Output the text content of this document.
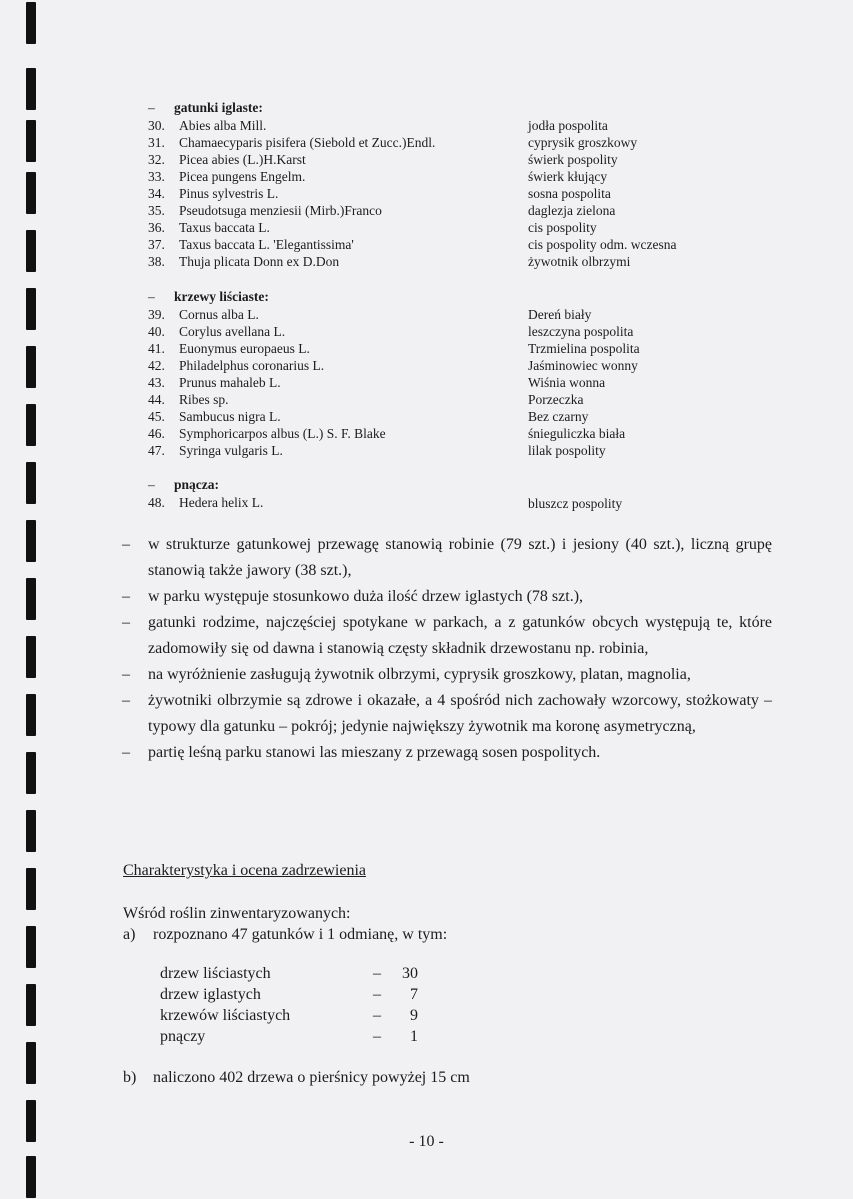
– gatunki iglaste:
30.	Abies alba Mill.	jodła pospolita
31.	Chamaecyparis pisifera (Siebold et Zucc.)Endl.	cyprysik groszkowy
32.	Picea abies (L.)H.Karst	świerk pospolity
33.	Picea pungens Engelm.	świerk kłujący
34.	Pinus sylvestris L.	sosna pospolita
35.	Pseudotsuga menziesii (Mirb.)Franco	daglezja zielona
36.	Taxus baccata L.	cis pospolity
37.	Taxus baccata L. 'Elegantissima'	cis pospolity odm. wczesna
38.	Thuja plicata Donn ex D.Don	żywotnik olbrzymi
– krzewy liściaste:
39.	Cornus alba L.	Dereń biały
40.	Corylus avellana L.	leszczyna pospolita
41.	Euonymus europaeus L.	Trzmielina pospolita
42.	Philadelphus coronarius L.	Jaśminowiec wonny
43.	Prunus mahaleb L.	Wiśnia wonna
44.	Ribes sp.	Porzeczka
45.	Sambucus nigra L.	Bez czarny
46.	Symphoricarpos albus (L.) S. F. Blake	śnieguliczka biała
47.	Syringa vulgaris L.	lilak pospolity
– pnącza:
48.	Hedera helix L.	bluszcz pospolity
– w strukturze gatunkowej przewagę stanowią robinie (79 szt.) i jesiony (40 szt.), liczną grupę stanowią także jawory (38 szt.),
– w parku występuje stosunkowo duża ilość drzew iglastych (78 szt.),
– gatunki rodzime, najczęściej spotykane w parkach, a z gatunków obcych występują te, które zadomowiły się od dawna i stanowią częsty składnik drzewostanu np. robinia,
– na wyróżnienie zasługują żywotnik olbrzymi, cyprysik groszkowy, platan, magnolia,
– żywotniki olbrzymie są zdrowe i okazałe, a 4 spośród nich zachowały wzorcowy, stożkowaty – typowy dla gatunku – pokrój; jedynie największy żywotnik ma koronę asymetryczną,
– partię leśną parku stanowi las mieszany z przewagą sosen pospolitych.
Charakterystyka i ocena zadrzewienia
Wśród roślin zinwentaryzowanych:
a) rozpoznano 47 gatunków i 1 odmianę, w tym:
drzew liściastych	–	30
drzew iglastych	–	7
krzewów liściastych	–	9
pnączy	–	1
b) naliczono 402 drzewa o pierśnicy powyżej 15 cm
- 10 -
